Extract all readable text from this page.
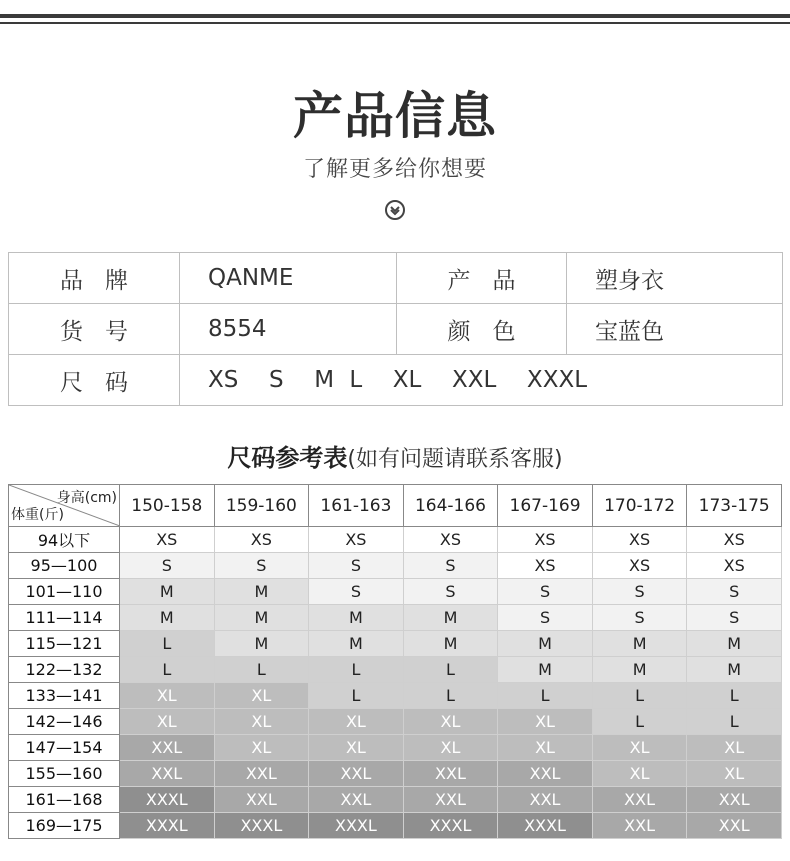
产品信息
了解更多给你想要
品牌	QANME	产品	塑身衣
货号	8554	颜色	宝蓝色
尺码	XS  S  M L  XL  XXL  XXXL		
尺码参考表(如有问题请联系客服)
身高(cm)
体重(斤)	150-158	159-160	161-163	164-166	167-169	170-172	173-175
94以下	XS	XS	XS	XS	XS	XS	XS
95—100	S	S	S	S	XS	XS	XS
101—110	M	M	S	S	S	S	S
111—114	M	M	M	M	S	S	S
115—121	L	M	M	M	M	M	M
122—132	L	L	L	L	M	M	M
133—141	XL	XL	L	L	L	L	L
142—146	XL	XL	XL	XL	XL	L	L
147—154	XXL	XL	XL	XL	XL	XL	XL
155—160	XXL	XXL	XXL	XXL	XXL	XL	XL
161—168	XXXL	XXL	XXL	XXL	XXL	XXL	XXL
169—175	XXXL	XXXL	XXXL	XXXL	XXXL	XXL	XXL
